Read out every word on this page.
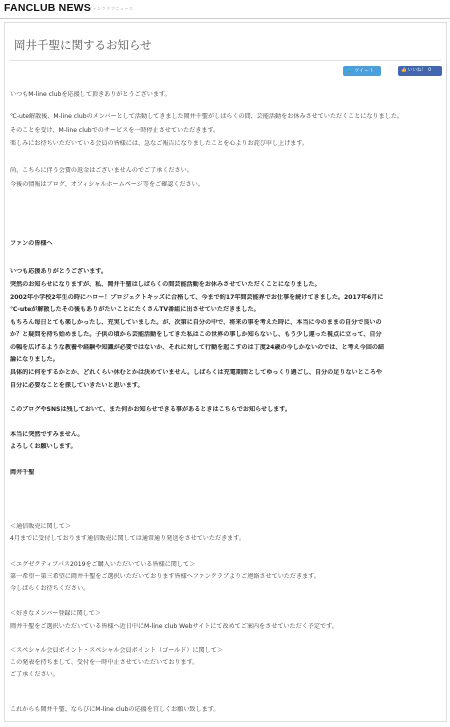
FANCLUB NEWS
ファンクラブニュース
岡井千聖に関するお知らせ
🐦 ツイート	👍いいね！ 0
いつもM-line clubを応援して頂きありがとうございます。
℃-ute解散後、M-line clubのメンバーとして活動してきました岡井千聖がしばらくの間、芸能活動をお休みさせていただくことになりました。
そのことを受け、M-line clubでのサービスを一時停止させていただきます。
楽しみにお待ちいただいている会員の皆様には、急なご報告になりましたことを心よりお詫び申し上げます。
尚、こちらに伴う会費の返金はございませんのでご了承ください。
今後の情報はブログ、オフィシャルホームページ等をご確認ください。
ファンの皆様へ
いつも応援ありがとうございます。
突然のお知らせになりますが、私、岡井千聖はしばらくの間芸能活動をお休みさせていただくことになりました。
2002年小学校2年生の時にハロー！プロジェクトキッズに合格して、今まで約17年間芸能界でお仕事を続けてきました。2017年6月に
℃-uteが解散したその後もありがたいことにたくさんTV番組に出させていただきました。
もちろん毎日とても楽しかったし、充実していました。が、次第に自分の中で、将来の事を考えた時に、本当に今のままの自分で良いの
か？と疑問を持ち始めました。子供の頃から芸能活動をしてきた私はこの世界の事しか知らないし、もう少し違った視点に立って、自分
の幅を広げるような教養や経験や知識が必要ではないか、それに対して行動を起こすのは丁度24歳の今しかないのでは、と考え今回の結
論になりました。
具体的に何をするかとか、どれくらい休むとかは決めていません。しばらくは充電期間としてゆっくり過ごし、自分の足りないところや
自分に必要なことを探していきたいと思います。
このブログやSNSは残しておいて、また何かお知らせできる事があるときはこちらでお知らせします。
本当に突然ですみません。
よろしくお願いします。
岡井千聖
＜通信販売に関して＞
4月までに受付しております通信販売に関しては通常通り発送をさせていただきます。
＜エグゼクティブパス2019をご購入いただいている皆様に関して＞
第一希望～第三希望に岡井千聖をご選択いただいております皆様へファンクラブよりご連絡させていただきます。
今しばらくお待ちください。
＜好きなメンバー登録に関して＞
岡井千聖をご選択いただいている皆様へ近日中にM-line club Webサイトにて改めてご案内をさせていただく予定です。
＜スペシャル会員ポイント・スペシャル会員ポイント（ゴールド）に関して＞
この発表を持ちまして、受付を一時中止させていただいております。
ご了承ください。
これからも岡井千聖、ならびにM-line clubの応援を宜しくお願い致します。
